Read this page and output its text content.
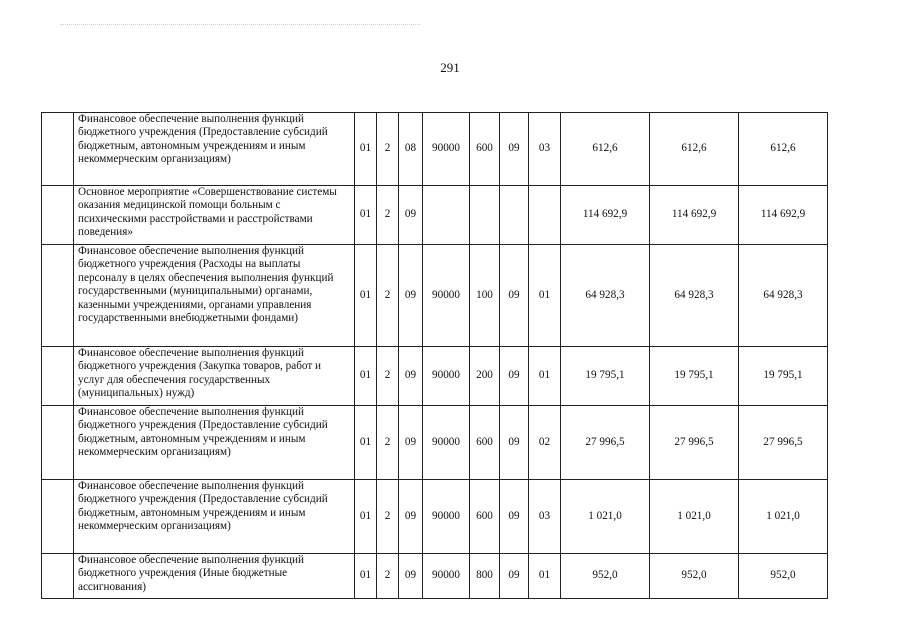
291
	Финансовое обеспечение выполнения функций бюджетного учреждения (Предоставление субсидий бюджетным, автономным учреждениям и иным некоммерческим организациям)	01	2	08	90000	600	09	03	612,6	612,6	612,6
	Основное мероприятие «Совершенствование системы оказания медицинской помощи больным с психическими расстройствами и расстройствами поведения»	01	2	09					114 692,9	114 692,9	114 692,9
	Финансовое обеспечение выполнения функций бюджетного учреждения (Расходы на выплаты персоналу в целях обеспечения выполнения функций государственными (муниципальными) органами, казенными учреждениями, органами управления государственными внебюджетными фондами)	01	2	09	90000	100	09	01	64 928,3	64 928,3	64 928,3
	Финансовое обеспечение выполнения функций бюджетного учреждения (Закупка товаров, работ и услуг для обеспечения государственных (муниципальных) нужд)	01	2	09	90000	200	09	01	19 795,1	19 795,1	19 795,1
	Финансовое обеспечение выполнения функций бюджетного учреждения (Предоставление субсидий бюджетным, автономным учреждениям и иным некоммерческим организациям)	01	2	09	90000	600	09	02	27 996,5	27 996,5	27 996,5
	Финансовое обеспечение выполнения функций бюджетного учреждения (Предоставление субсидий бюджетным, автономным учреждениям и иным некоммерческим организациям)	01	2	09	90000	600	09	03	1 021,0	1 021,0	1 021,0
	Финансовое обеспечение выполнения функций бюджетного учреждения (Иные бюджетные ассигнования)	01	2	09	90000	800	09	01	952,0	952,0	952,0
